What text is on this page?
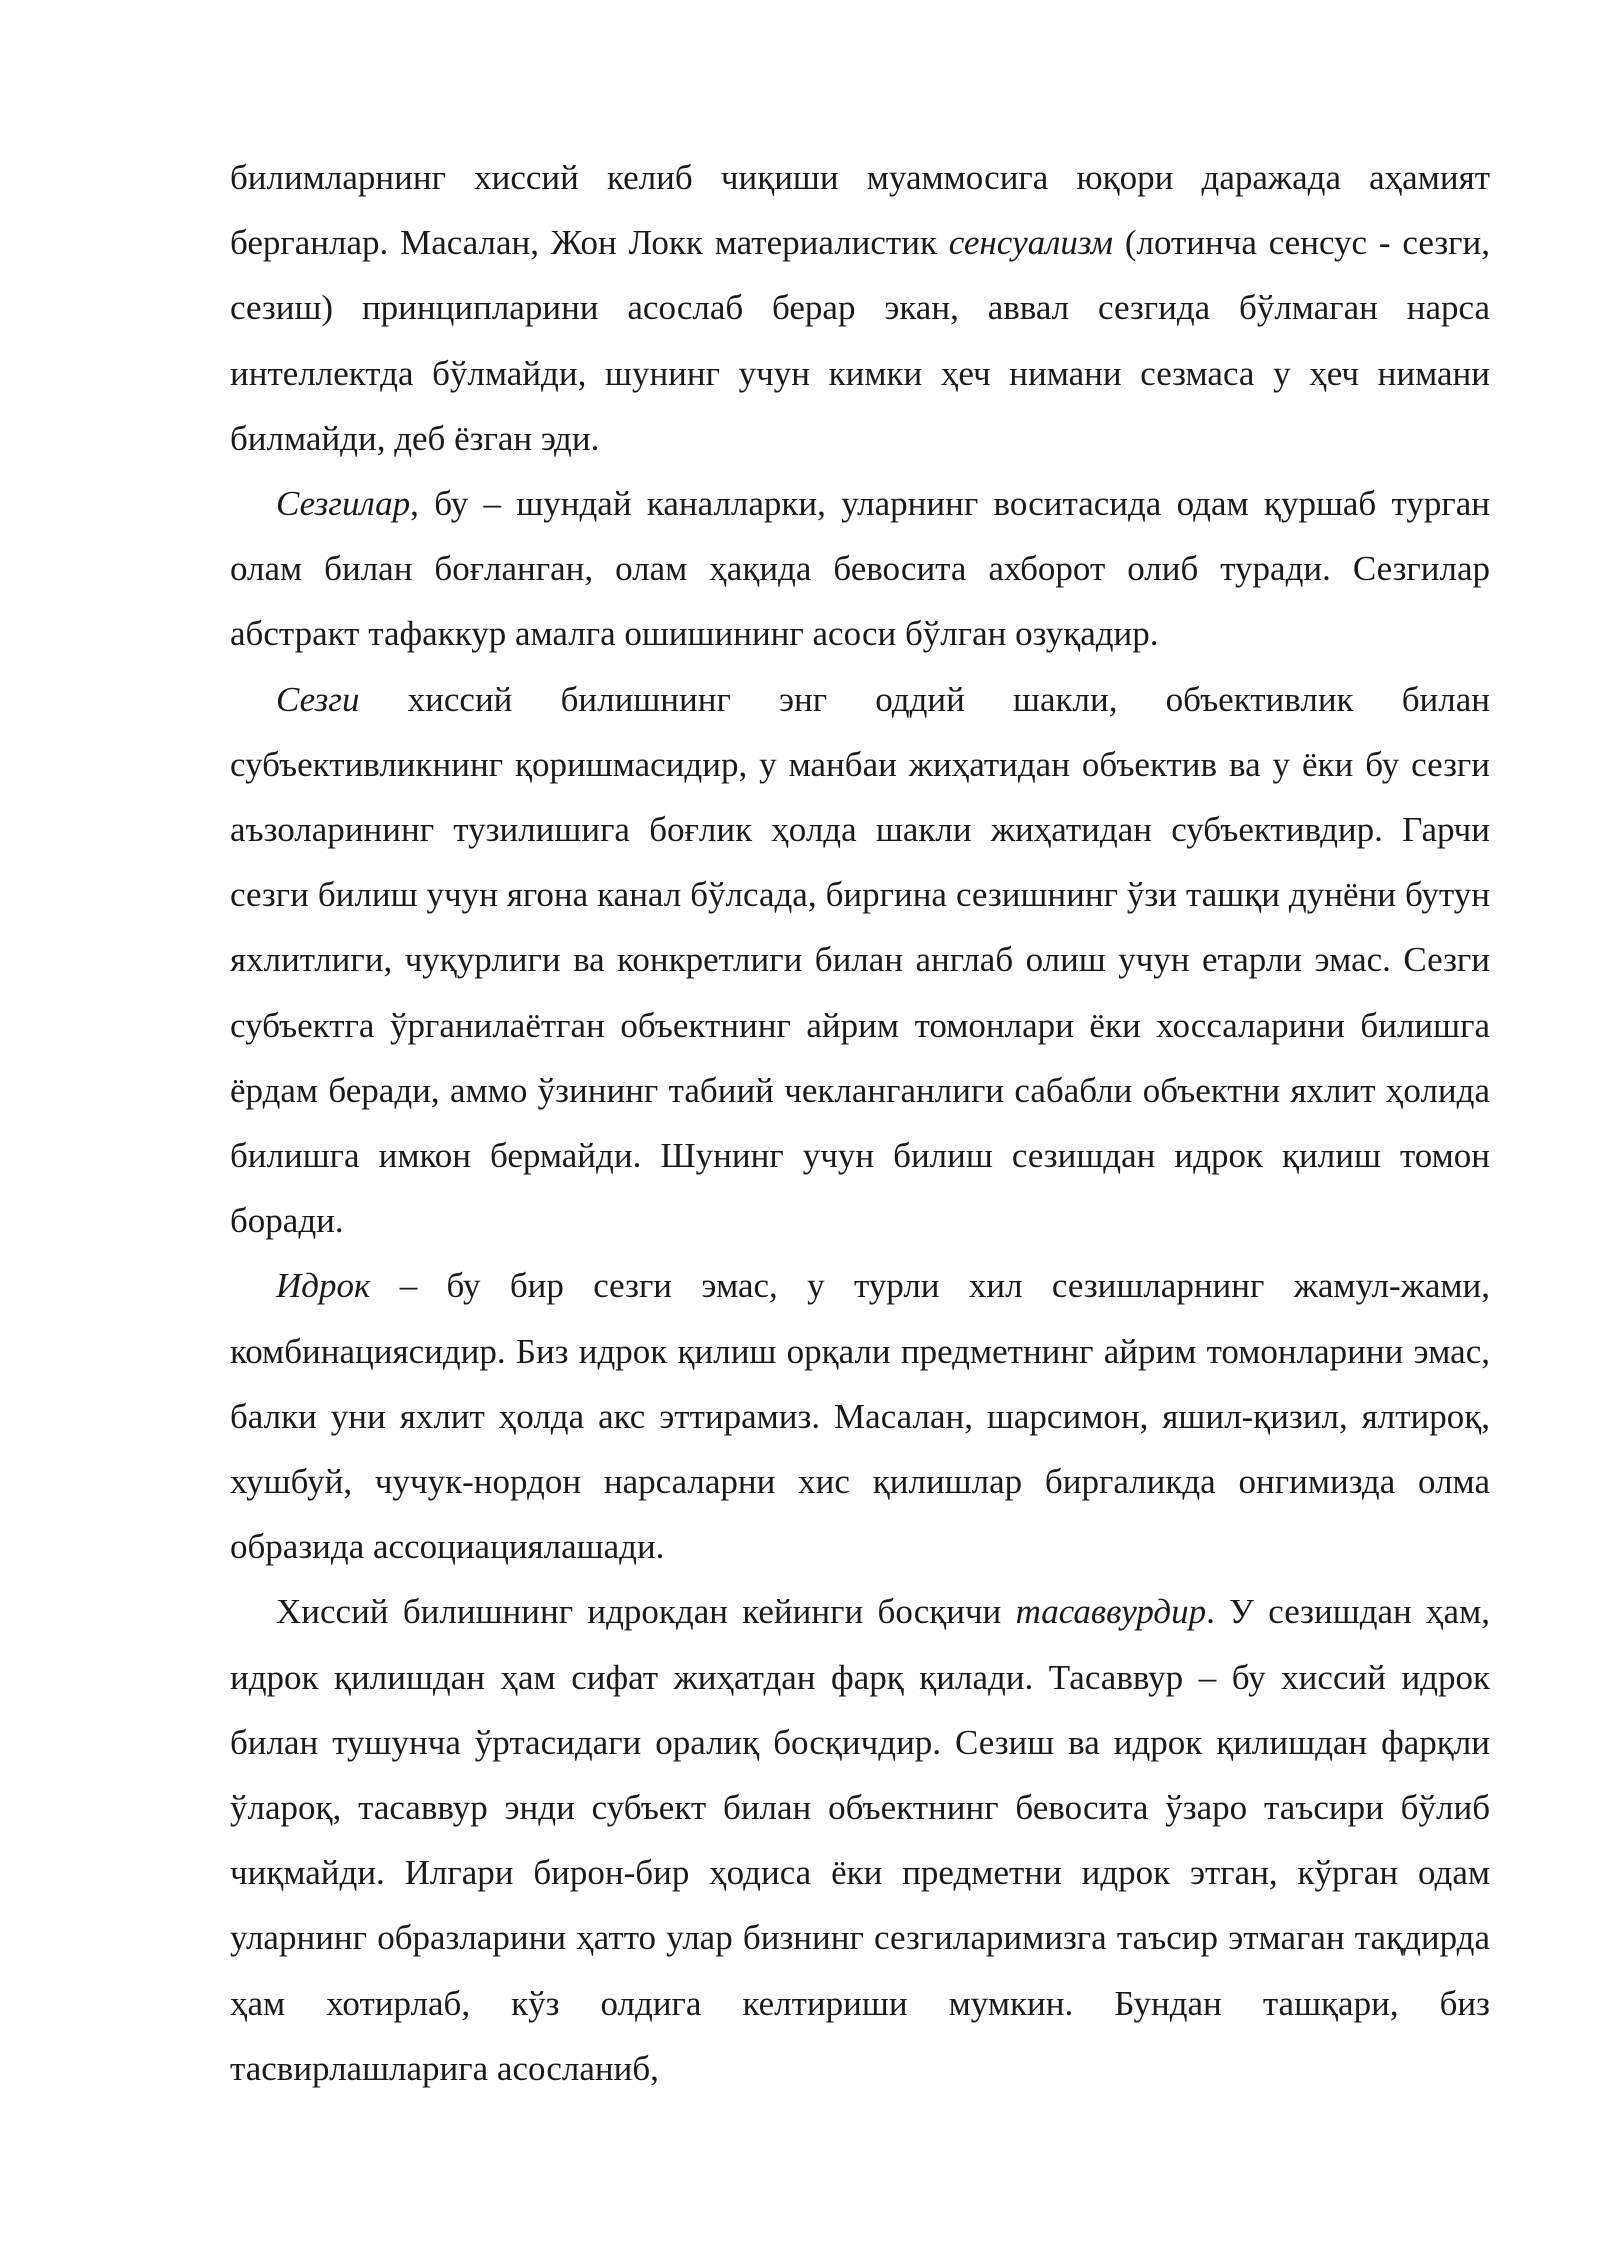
билимларнинг хиссий келиб чиқиши муаммосига юқори даражада аҳамият берганлар. Масалан, Жон Локк материалистик сенсуализм (лотинча сенсус - сезги, сезиш) принципларини асослаб берар экан, аввал сезгида бўлмаган нарса интеллектда бўлмайди, шунинг учун кимки ҳеч нимани сезмаса у ҳеч нимани билмайди, деб ёзган эди.

Сезгилар, бу – шундай каналларки, уларнинг воситасида одам қуршаб турган олам билан боғланган, олам ҳақида бевосита ахборот олиб туради. Сезгилар абстракт тафаккур амалга ошишининг асоси бўлган озуқадир.

Сезги хиссий билишнинг энг оддий шакли, объективлик билан субъективликнинг қоришмасидир, у манбаи жиҳатидан объектив ва у ёки бу сезги аъзоларининг тузилишига боғлик ҳолда шакли жиҳатидан субъективдир. Гарчи сезги билиш учун ягона канал бўлсада, биргина сезишнинг ўзи ташқи дунёни бутун яхлитлиги, чуқурлиги ва конкретлиги билан англаб олиш учун етарли эмас. Сезги субъектга ўрганилаётган объектнинг айрим томонлари ёки хоссаларини билишга ёрдам беради, аммо ўзининг табиий чекланганлиги сабабли объектни яхлит ҳолида билишга имкон бермайди. Шунинг учун билиш сезишдан идрок қилиш томон боради.

Идрок – бу бир сезги эмас, у турли хил сезишларнинг жамул-жами, комбинациясидир. Биз идрок қилиш орқали предметнинг айрим томонларини эмас, балки уни яхлит ҳолда акс эттирамиз. Масалан, шарсимон, яшил-қизил, ялтироқ, хушбуй, чучук-нордон нарсаларни хис қилишлар биргаликда онгимизда олма образида ассоциациялашади.

Хиссий билишнинг идрокдан кейинги босқичи тасаввурдир. У сезишдан ҳам, идрок қилишдан ҳам сифат жиҳатдан фарқ қилади. Тасаввур – бу хиссий идрок билан тушунча ўртасидаги оралиқ босқичдир. Сезиш ва идрок қилишдан фарқли ўлароқ, тасаввур энди субъект билан объектнинг бевосита ўзаро таъсири бўлиб чиқмайди. Илгари бирон-бир ҳодиса ёки предметни идрок этган, кўрган одам уларнинг образларини ҳатто улар бизнинг сезгиларимизга таъсир этмаган тақдирда ҳам хотирлаб, кўз олдига келтириши мумкин. Бундан ташқари, биз тасвирлашларига асосланиб,
